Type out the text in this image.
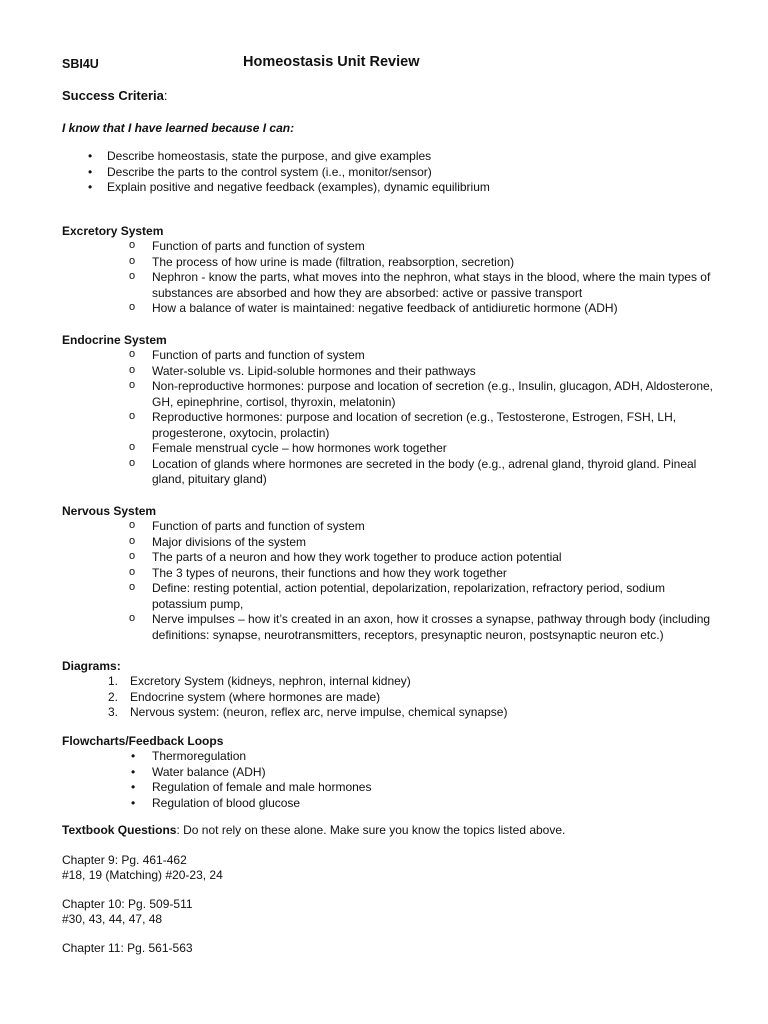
SBI4U	Homeostasis Unit Review
Success Criteria:
I know that I have learned because I can:
• Describe homeostasis, state the purpose, and give examples
• Describe the parts to the control system (i.e., monitor/sensor)
• Explain positive and negative feedback (examples), dynamic equilibrium
Excretory System
o Function of parts and function of system
o The process of how urine is made (filtration, reabsorption, secretion)
o Nephron - know the parts, what moves into the nephron, what stays in the blood, where the main types of substances are absorbed and how they are absorbed: active or passive transport
o How a balance of water is maintained: negative feedback of antidiuretic hormone (ADH)
Endocrine System
o Function of parts and function of system
o Water-soluble vs. Lipid-soluble hormones and their pathways
o Non-reproductive hormones: purpose and location of secretion (e.g., Insulin, glucagon, ADH, Aldosterone, GH, epinephrine, cortisol, thyroxin, melatonin)
o Reproductive hormones: purpose and location of secretion (e.g., Testosterone, Estrogen, FSH, LH, progesterone, oxytocin, prolactin)
o Female menstrual cycle – how hormones work together
o Location of glands where hormones are secreted in the body (e.g., adrenal gland, thyroid gland. Pineal gland, pituitary gland)
Nervous System
o Function of parts and function of system
o Major divisions of the system
o The parts of a neuron and how they work together to produce action potential
o The 3 types of neurons, their functions and how they work together
o Define: resting potential, action potential, depolarization, repolarization, refractory period, sodium potassium pump,
o Nerve impulses – how it’s created in an axon, how it crosses a synapse, pathway through body (including definitions: synapse, neurotransmitters, receptors, presynaptic neuron, postsynaptic neuron etc.)
Diagrams:
1. Excretory System (kidneys, nephron, internal kidney)
2. Endocrine system (where hormones are made)
3. Nervous system: (neuron, reflex arc, nerve impulse, chemical synapse)
Flowcharts/Feedback Loops
• Thermoregulation
• Water balance (ADH)
• Regulation of female and male hormones
• Regulation of blood glucose
Textbook Questions: Do not rely on these alone. Make sure you know the topics listed above.
Chapter 9: Pg. 461-462
#18, 19 (Matching) #20-23, 24
Chapter 10: Pg. 509-511
#30, 43, 44, 47, 48
Chapter 11: Pg. 561-563
